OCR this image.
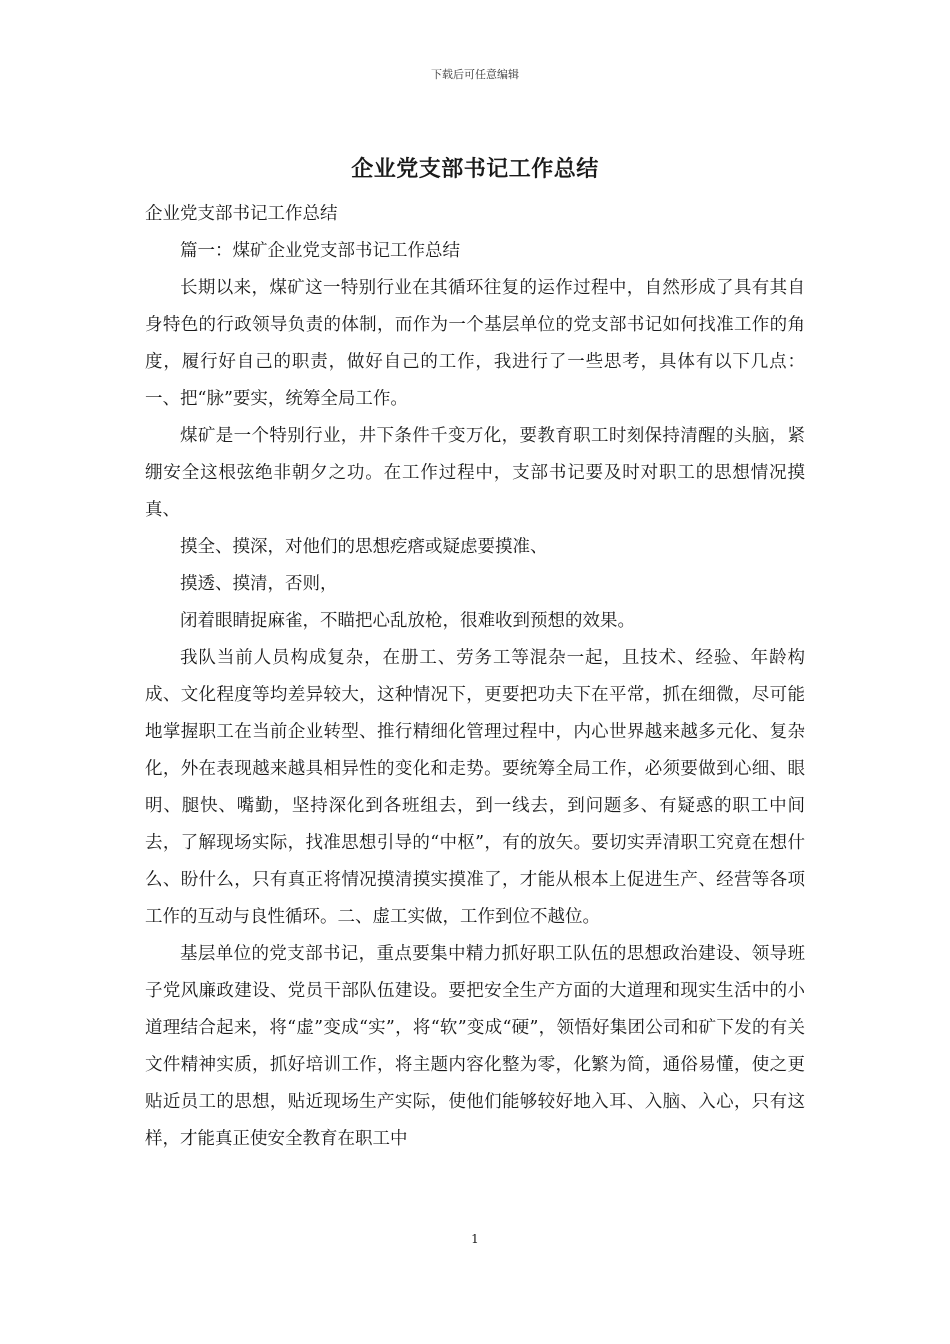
下载后可任意编辑
企业党支部书记工作总结

企业党支部书记工作总结

篇一：煤矿企业党支部书记工作总结

长期以来，煤矿这一特别行业在其循环往复的运作过程中，自然形成了具有其自身特色的行政领导负责的体制，而作为一个基层单位的党支部书记如何找准工作的角度，履行好自己的职责，做好自己的工作，我进行了一些思考，具体有以下几点：一、把“脉”要实，统筹全局工作。

煤矿是一个特别行业，井下条件千变万化，要教育职工时刻保持清醒的头脑，紧绷安全这根弦绝非朝夕之功。在工作过程中，支部书记要及时对职工的思想情况摸真、

摸全、摸深，对他们的思想疙瘩或疑虑要摸准、

摸透、摸清，否则，

闭着眼睛捉麻雀，不瞄把心乱放枪，很难收到预想的效果。

我队当前人员构成复杂，在册工、劳务工等混杂一起，且技术、经验、年龄构成、文化程度等均差异较大，这种情况下，更要把功夫下在平常，抓在细微，尽可能地掌握职工在当前企业转型、推行精细化管理过程中，内心世界越来越多元化、复杂化，外在表现越来越具相异性的变化和走势。要统筹全局工作，必须要做到心细、眼明、腿快、嘴勤，坚持深化到各班组去，到一线去，到问题多、有疑惑的职工中间去，了解现场实际，找准思想引导的“中枢”，有的放矢。要切实弄清职工究竟在想什么、盼什么，只有真正将情况摸清摸实摸准了，才能从根本上促进生产、经营等各项工作的互动与良性循环。二、虚工实做，工作到位不越位。

基层单位的党支部书记，重点要集中精力抓好职工队伍的思想政治建设、领导班子党风廉政建设、党员干部队伍建设。要把安全生产方面的大道理和现实生活中的小道理结合起来，将“虚”变成“实”，将“软”变成“硬”，领悟好集团公司和矿下发的有关文件精神实质，抓好培训工作，将主题内容化整为零，化繁为简，通俗易懂，使之更贴近员工的思想，贴近现场生产实际，使他们能够较好地入耳、入脑、入心，只有这样，才能真正使安全教育在职工中

1
